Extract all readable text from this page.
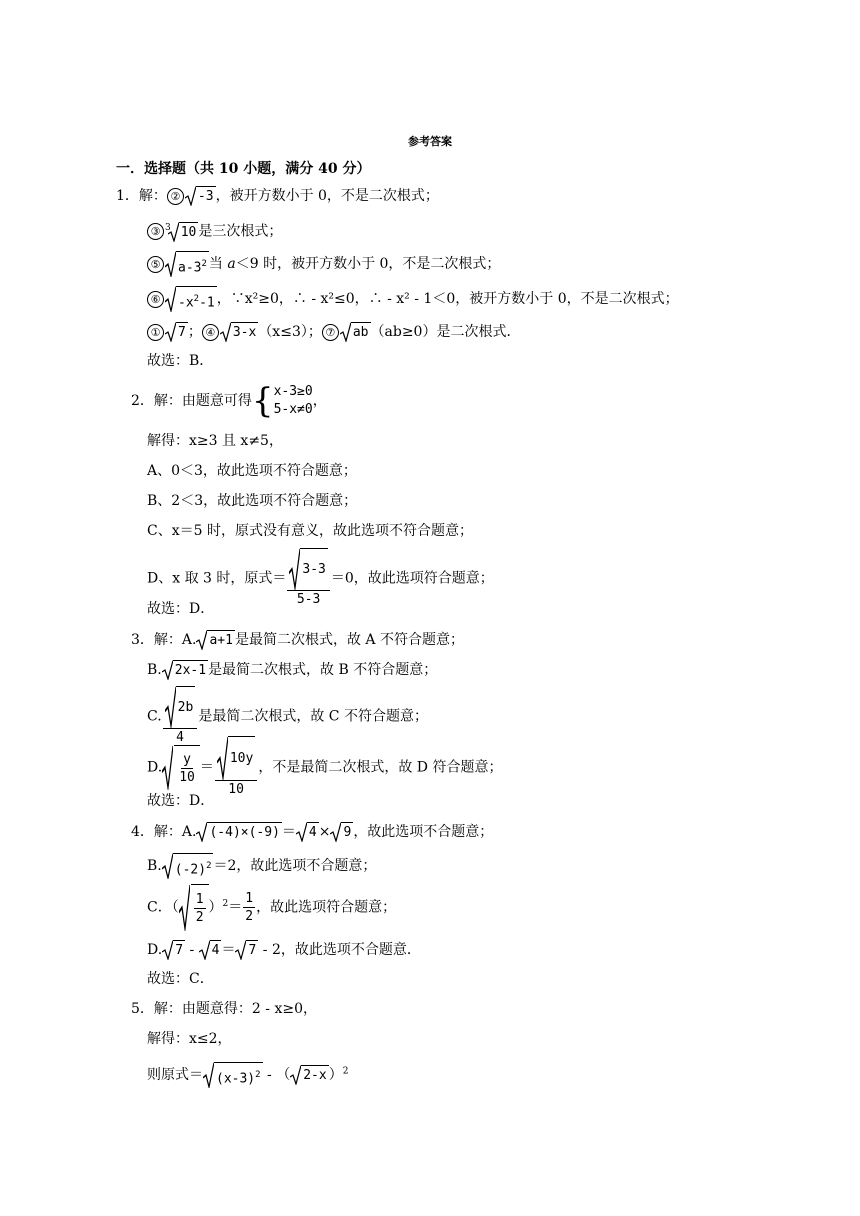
参考答案
一．选择题（共 10 小题，满分 40 分）
1．解： ② -3 ，被开方数小于 0，不是二次根式；
③ $^3$ 10 是三次根式；
⑤ $a-3^2$ 当 a＜9 时，被开方数小于 0，不是二次根式；
⑥ $-x^2-1$ ，∵x²≥0，∴ - x²≤0，∴ - x² - 1＜0，被开方数小于 0，不是二次根式；
① 7 ； ④ 3-x （x≤3）； ⑦ ab （ab≥0）是二次根式．
故选：B．
2．解：由题意可得 { x-3≥0
5-x≠0
，
解得：x≥3 且 x≠5，
A、0＜3，故此选项不符合题意；
B、2＜3，故此选项不符合题意；
C、x＝5 时，原式没有意义，故此选项不符合题意；
D、x 取 3 时，原式＝ $\frac{3-3}{5-3} =0$，故此选项符合题意；
故选：D．
3．解：A. a+1 是最简二次根式，故 A 不符合题意；
B. 2x-1 是最简二次根式，故 B 不符合题意；
C. $\frac{2b}{4}$ 是最简二次根式，故 C 不符合题意；
D. $\frac{y}{10} = \frac{10y}{10}$ ，不是最简二次根式，故 D 符合题意；
故选：D．
4．解：A. (-4)×(-9) ＝ 4 × 9 ，故此选项不合题意；
B. $(-2)^2 =2$，故此选项不合题意；
C．（ $\frac{1}{2} )^2= \frac{1}{2}$ ，故此选项符合题意；
D. 7 -
4 ＝ 7 - 2，故此选项不合题意．
故选：C．
5．解：由题意得：2 - x≥0，
解得：x≤2，
则原式＝ $(x-3)^2$ - （ 2-x ）$^2$
